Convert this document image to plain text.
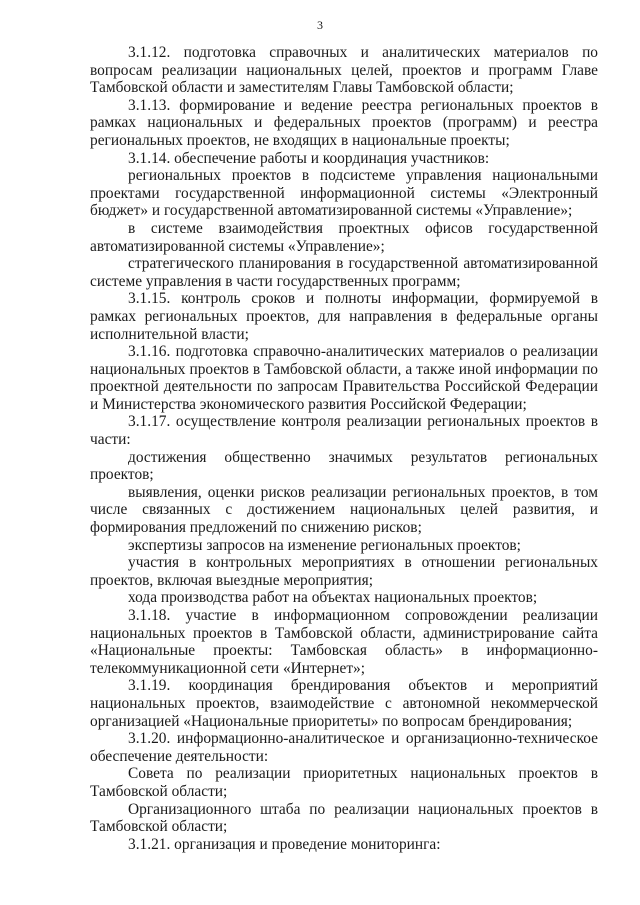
3

3.1.12. подготовка справочных и аналитических материалов по вопросам реализации национальных целей, проектов и программ Главе Тамбовской области и заместителям Главы Тамбовской области;

3.1.13. формирование и ведение реестра региональных проектов в рамках национальных и федеральных проектов (программ) и реестра региональных проектов, не входящих в национальные проекты;

3.1.14. обеспечение работы и координация участников:

региональных проектов в подсистеме управления национальными проектами государственной информационной системы «Электронный бюджет» и государственной автоматизированной системы «Управление»;

в системе взаимодействия проектных офисов государственной автоматизированной системы «Управление»;

стратегического планирования в государственной автоматизированной системе управления в части государственных программ;

3.1.15. контроль сроков и полноты информации, формируемой в рамках региональных проектов, для направления в федеральные органы исполнительной власти;

3.1.16. подготовка справочно-аналитических материалов о реализации национальных проектов в Тамбовской области, а также иной информации по проектной деятельности по запросам Правительства Российской Федерации и Министерства экономического развития Российской Федерации;

3.1.17. осуществление контроля реализации региональных проектов в части:

достижения общественно значимых результатов региональных проектов;

выявления, оценки рисков реализации региональных проектов, в том числе связанных с достижением национальных целей развития, и формирования предложений по снижению рисков;

экспертизы запросов на изменение региональных проектов;

участия в контрольных мероприятиях в отношении региональных проектов, включая выездные мероприятия;

хода производства работ на объектах национальных проектов;

3.1.18. участие в информационном сопровождении реализации национальных проектов в Тамбовской области, администрирование сайта «Национальные проекты: Тамбовская область» в информационно-телекоммуникационной сети «Интернет»;

3.1.19. координация брендирования объектов и мероприятий национальных проектов, взаимодействие с автономной некоммерческой организацией «Национальные приоритеты» по вопросам брендирования;

3.1.20. информационно-аналитическое и организационно-техническое обеспечение деятельности:

Совета по реализации приоритетных национальных проектов в Тамбовской области;

Организационного штаба по реализации национальных проектов в Тамбовской области;

3.1.21. организация и проведение мониторинга:
